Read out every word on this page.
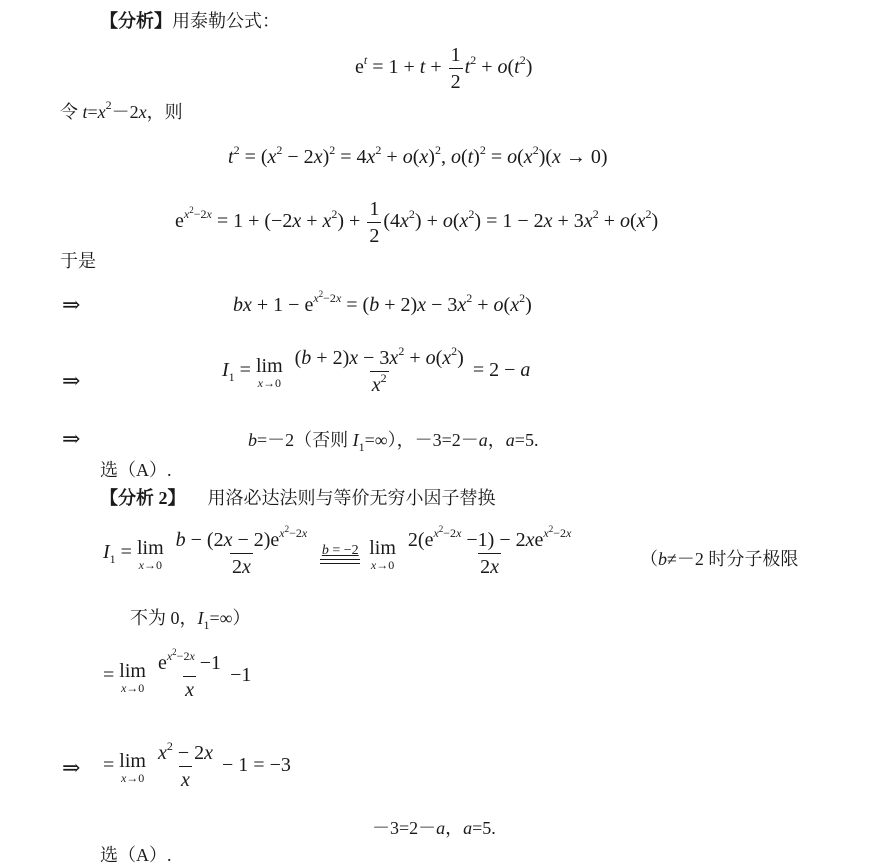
【分析】用泰勒公式：
$e^t = 1 + t + \frac{1}{2} t^2 + o(t^2)$
令 $t=x^2-2x$，则
$t^2 = (x^2 - 2x)^2 = 4x^2 + o(x)^2$, $o(t)^2 = o(x^2)(x \to 0)$
$e^{x^2-2x} = 1 + (-2x + x^2) + \frac{1}{2} (4x^2) + o(x^2) = 1 - 2x + 3x^2 + o(x^2)$
于是
⇒	bx + $1 - e^{x^2-2x} = (b + 2)x - 3x^2 + o(x^2)$
⇒	$I_1 = \lim$
x→0
$\frac{(b + 2)x - 3x^2 + o(x^2)}{x^2} = 2 - a$
⇒	b=－2（否则 $I_1=\infty$），－3=2－a，a=5.
选（A）.
【分析 2】 用洛必达法则与等价无穷小因子替换
$I_1 = \lim$
x→0
$\frac{b - (2x - 2)e^{x^2-2x}}{2x}$
b = −2
lim
x→0
$\frac{2(e^{x^2-2x} -1) - 2xe^{x^2-2x}}{2x}$	（b≠－2 时分子极限
不为 0，$I_1=\infty$）
= lim
x→0
$\frac{e^{x^2-2x} -1}{x} -1$
⇒ = lim
x→0
$\frac{x^2 - 2x}{x} - 1 = -3$
－3=2－a，a=5.
选（A）.
